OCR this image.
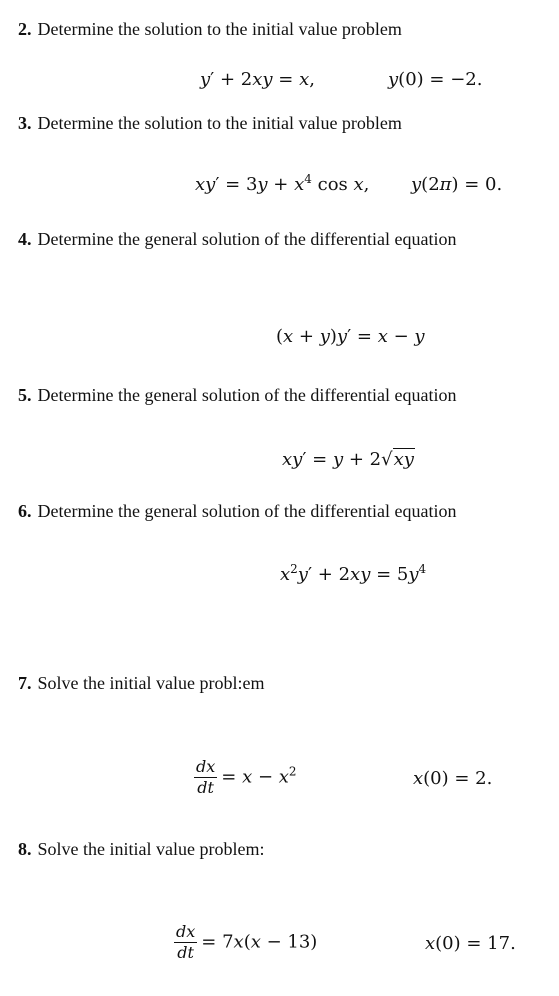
2. Determine the solution to the initial value problem
y′ + 2xy = x,	y(0) = −2.
3. Determine the solution to the initial value problem
$xy' = 3y + x^4$ cos x, y(2π) = 0.
4. Determine the general solution of the differential equation
(x + y)y′ = x − y
5. Determine the general solution of the differential equation
xy′ = y + 2√xy
6. Determine the general solution of the differential equation
$x^2y' + 2xy = 5y^4$
7. Solve the initial value probl:em
$\frac{dx}{dt} = x - x^2$	x(0) = 2.
8. Solve the initial value problem:
$\frac{dx}{dt} = 7x(x - 13)$	x(0) = 17.
